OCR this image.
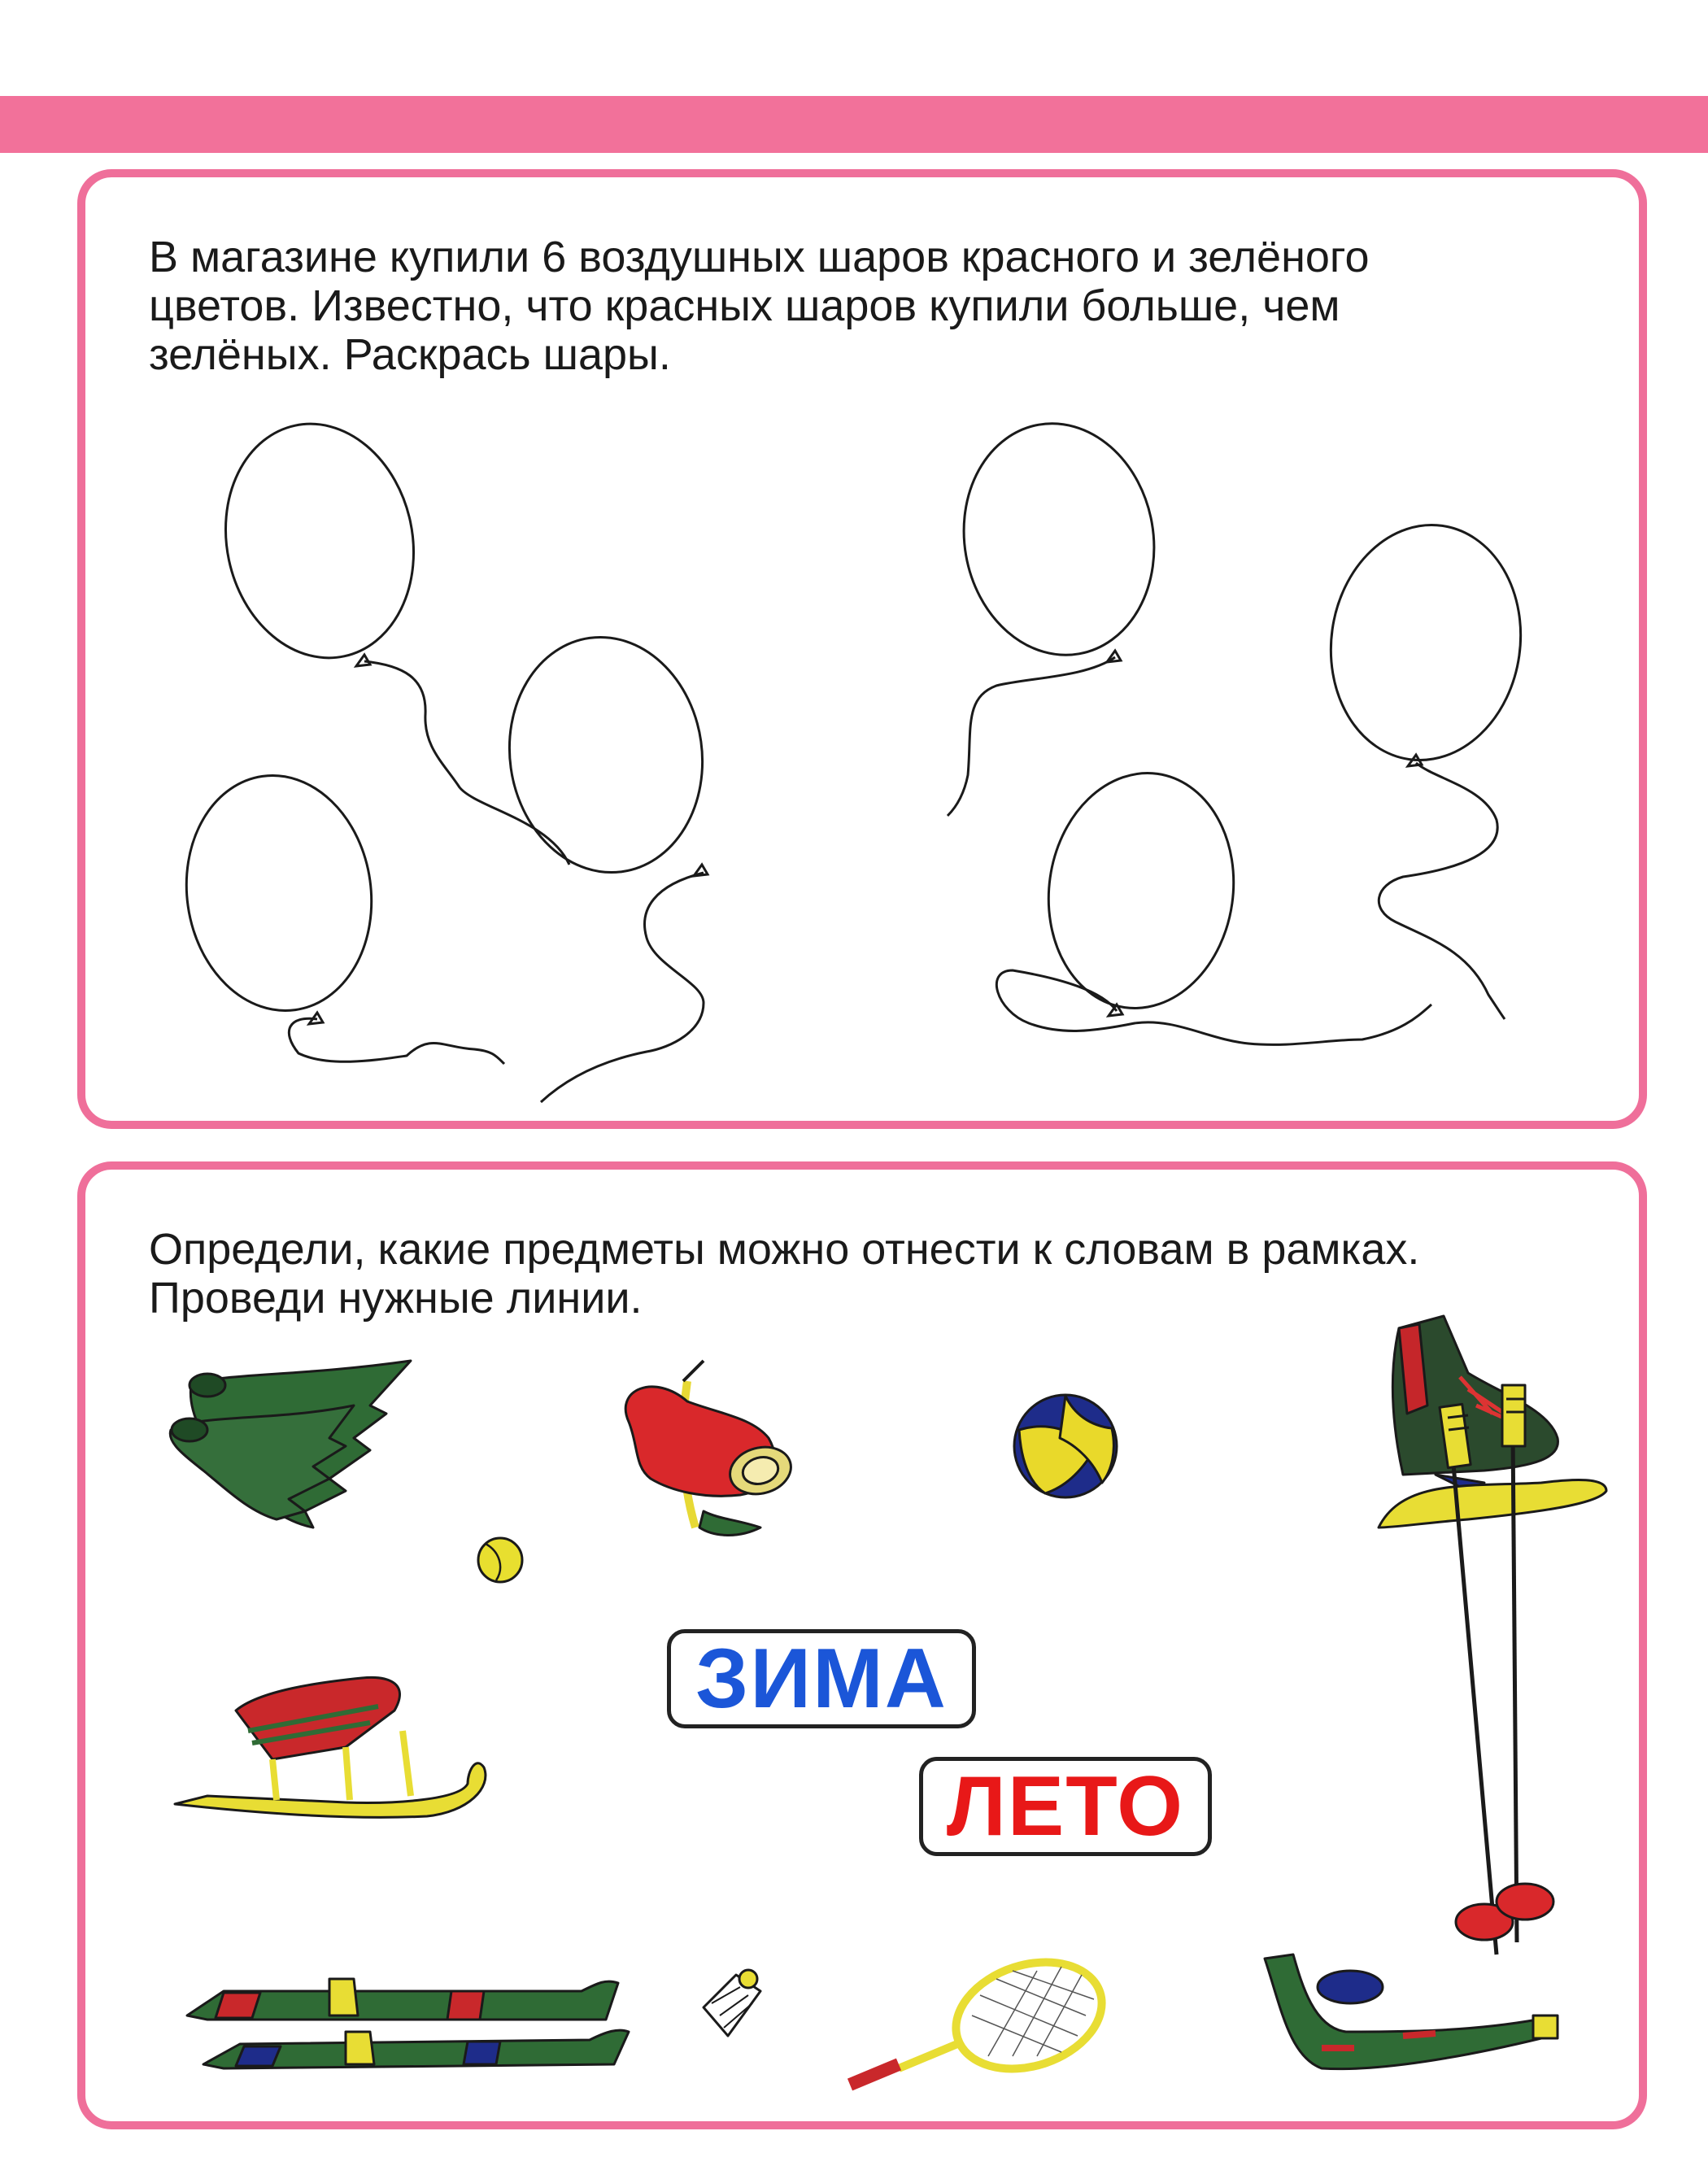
В магазине купили 6 воздушных шаров красного и зелёного
цветов. Известно, что красных шаров купили больше, чем
зелёных. Раскрась шары.

Определи, какие предметы можно отнести к словам в рамках.
Проведи нужные линии.

ЗИМА
ЛЕТО
